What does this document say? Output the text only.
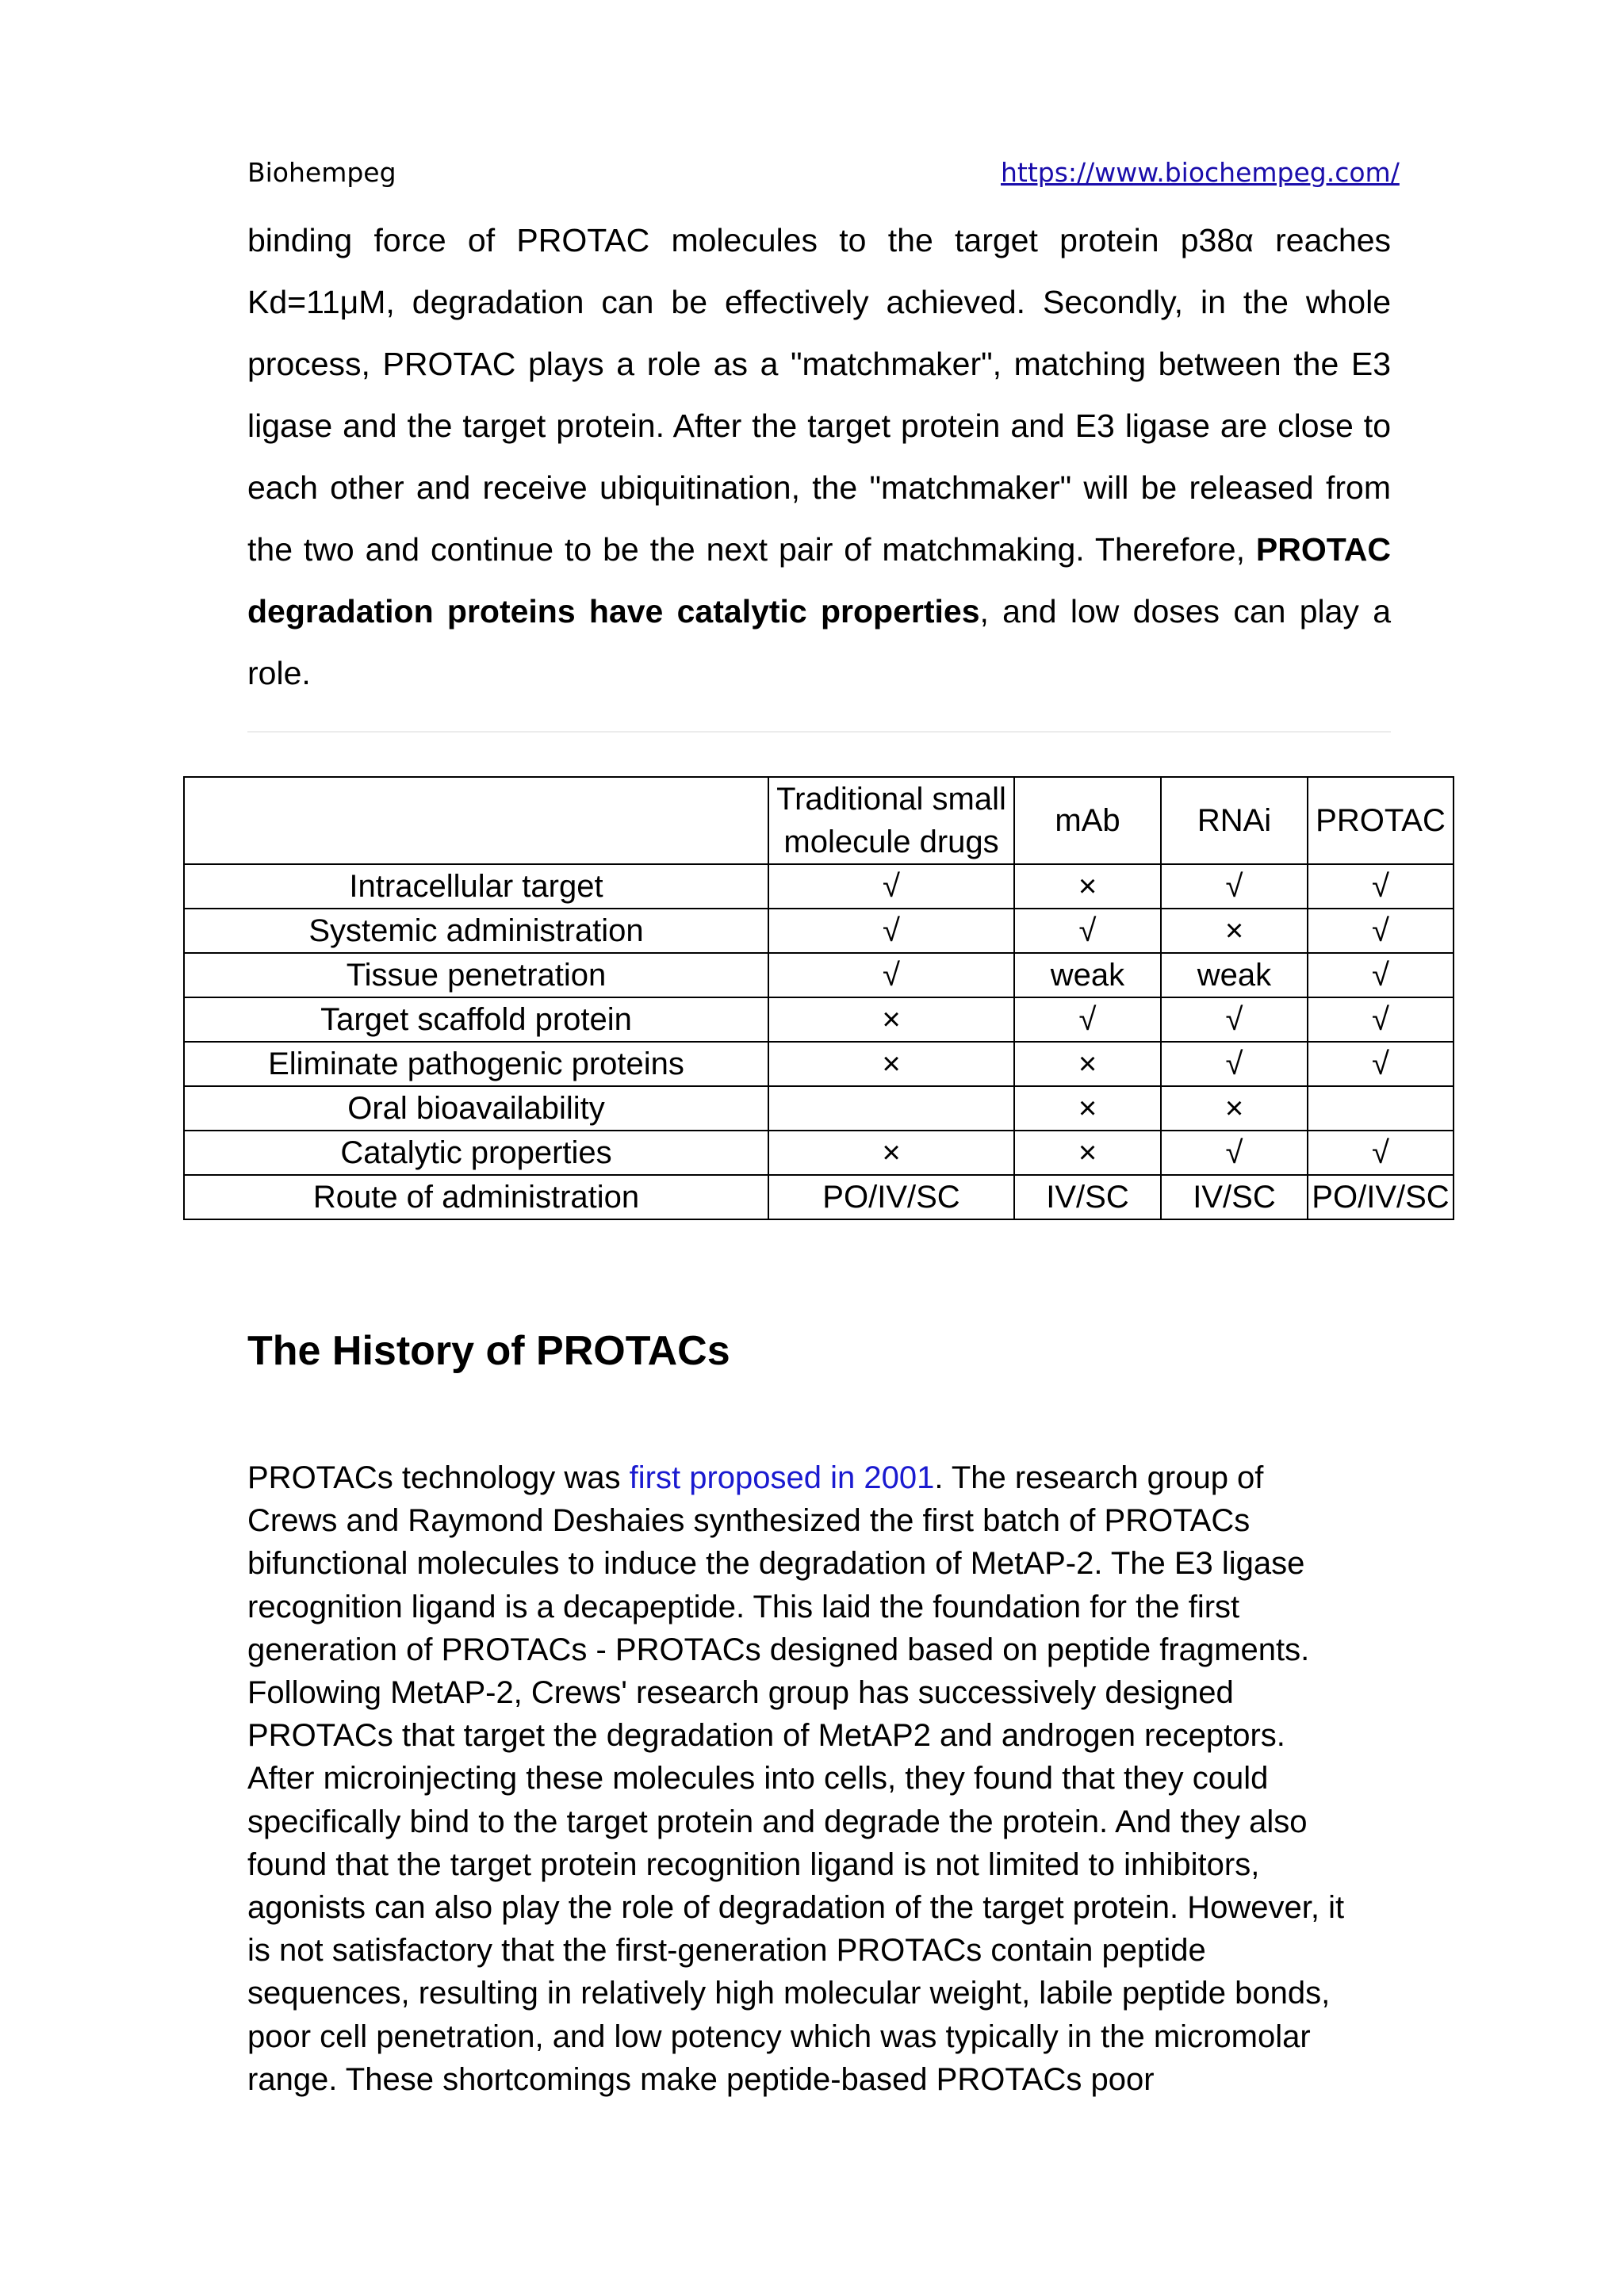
Biohempeg	https://www.biochempeg.com/

binding force of PROTAC molecules to the target protein p38α reaches Kd=11μM, degradation can be effectively achieved. Secondly, in the whole process, PROTAC plays a role as a "matchmaker", matching between the E3 ligase and the target protein. After the target protein and E3 ligase are close to each other and receive ubiquitination, the "matchmaker" will be released from the two and continue to be the next pair of matchmaking. Therefore, PROTAC degradation proteins have catalytic properties, and low doses can play a role.

	Traditional small molecule drugs	mAb	RNAi	PROTAC
Intracellular target	√	×	√	√
Systemic administration	√	√	×	√
Tissue penetration	√	weak	weak	√
Target scaffold protein	×	√	√	√
Eliminate pathogenic proteins	×	×	√	√
Oral bioavailability		×	×	
Catalytic properties	×	×	√	√
Route of administration	PO/IV/SC	IV/SC	IV/SC	PO/IV/SC
The History of PROTACs
PROTACs technology was first proposed in 2001. The research group of
Crews and Raymond Deshaies synthesized the first batch of PROTACs
bifunctional molecules to induce the degradation of MetAP-2. The E3 ligase
recognition ligand is a decapeptide. This laid the foundation for the first
generation of PROTACs - PROTACs designed based on peptide fragments.
Following MetAP-2, Crews' research group has successively designed
PROTACs that target the degradation of MetAP2 and androgen receptors.
After microinjecting these molecules into cells, they found that they could
specifically bind to the target protein and degrade the protein. And they also
found that the target protein recognition ligand is not limited to inhibitors,
agonists can also play the role of degradation of the target protein. However, it
is not satisfactory that the first-generation PROTACs contain peptide
sequences, resulting in relatively high molecular weight, labile peptide bonds,
poor cell penetration, and low potency which was typically in the micromolar
range. These shortcomings make peptide-based PROTACs poor
